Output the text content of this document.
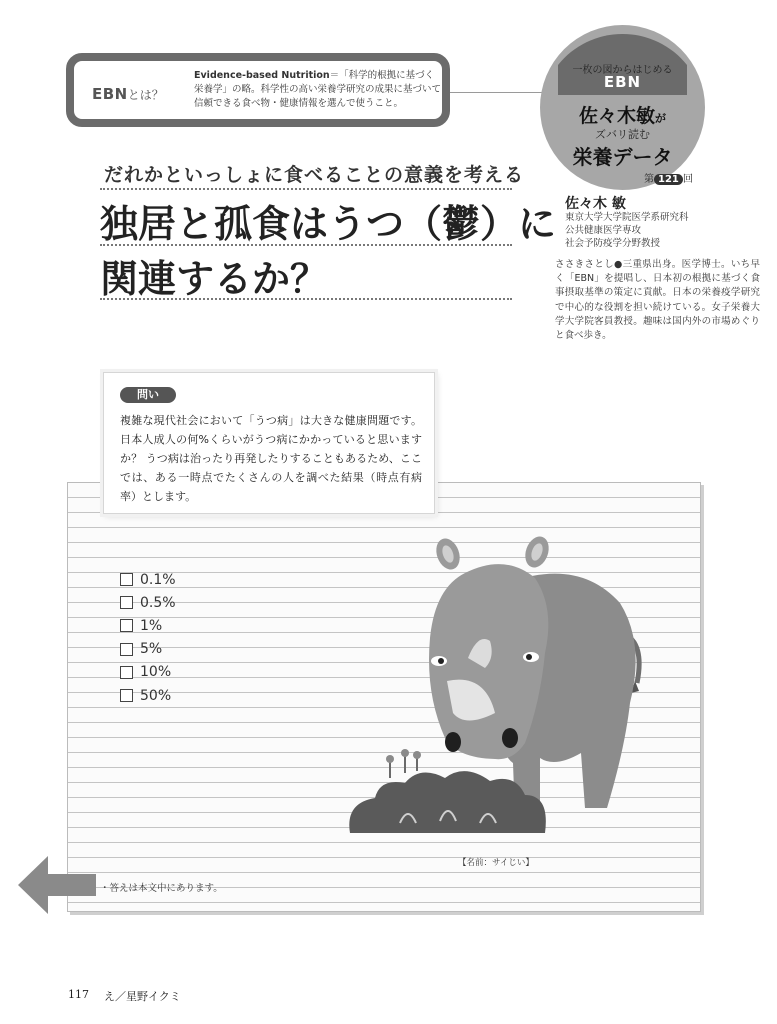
EBNとは？
Evidence-based Nutrition＝「科学的根拠に基づく栄養学」の略。科学性の高い栄養学研究の成果に基づいて信頼できる食べ物・健康情報を選んで使うこと。
一枚の図からはじめる
EBN
佐々木敏が
ズバリ読む
栄養データ
第 121 回
だれかといっしょに食べることの意義を考える
独居と孤食はうつ（鬱）に
関連するか？
佐々木 敏
東京大学大学院医学系研究科
公共健康医学専攻
社会予防疫学分野教授
ささきさとし●三重県出身。医学博士。いち早く「EBN」を提唱し、日本初の根拠に基づく食事摂取基準の策定に貢献。日本の栄養疫学研究で中心的な役割を担い続けている。女子栄養大学大学院客員教授。趣味は国内外の市場めぐりと食べ歩き。
問い
複雑な現代社会において「うつ病」は大きな健康問題です。日本人成人の何%くらいがうつ病にかかっていると思いますか？ うつ病は治ったり再発したりすることもあるため、ここでは、ある一時点でたくさんの人を調べた結果（時点有病率）とします。
0.1%
0.5%
1%
5%
10%
50%
【名前：サイじい】
・答えは本文中にあります。
117 え／星野イクミ
